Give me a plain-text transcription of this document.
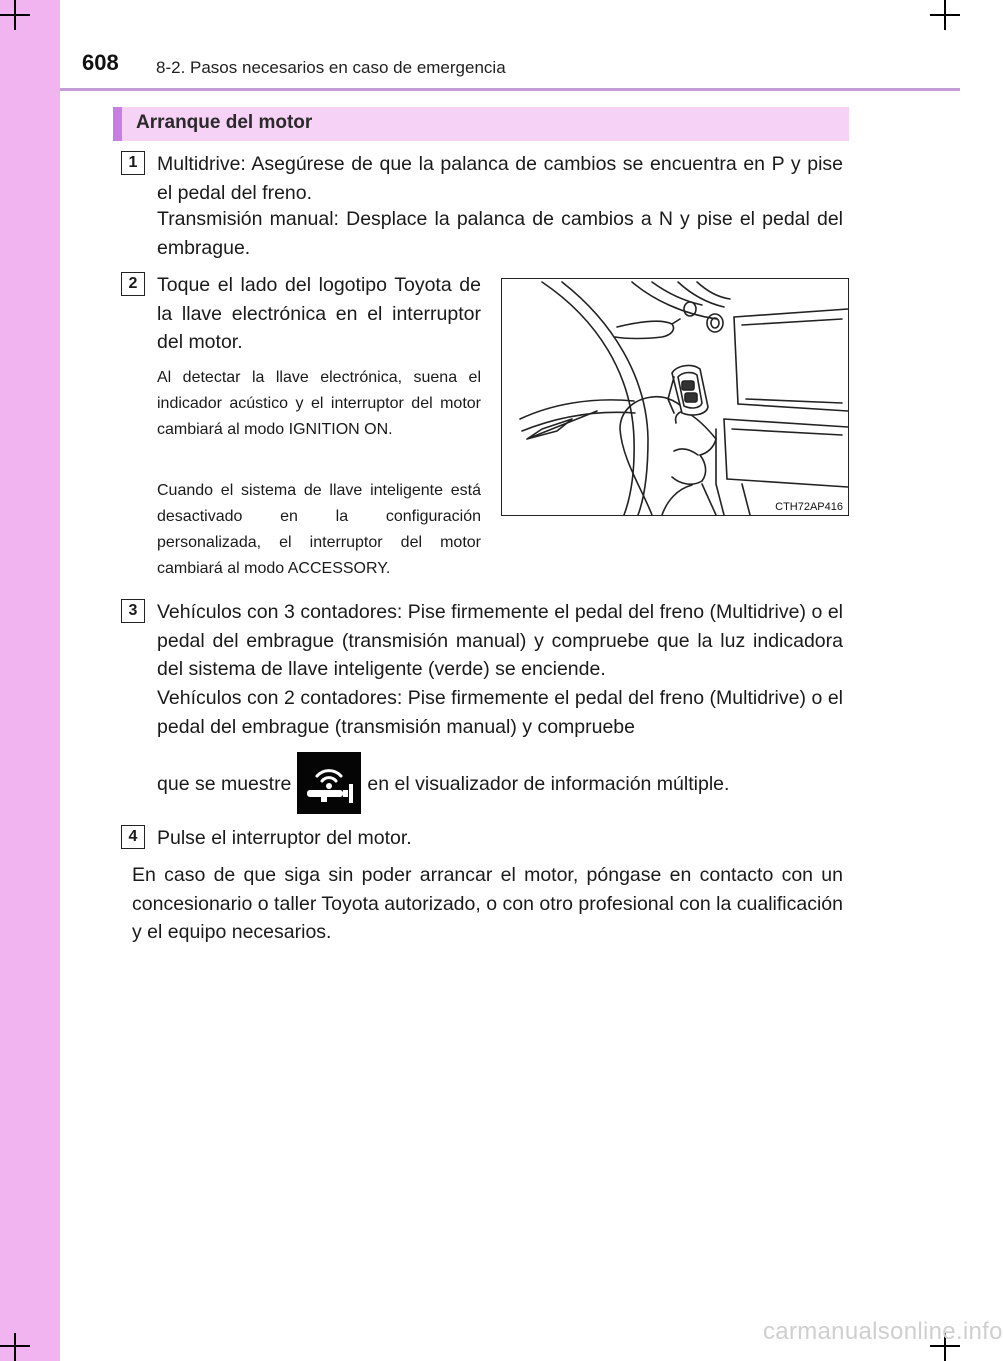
608 8-2. Pasos necesarios en caso de emergencia
Arranque del motor
1	Multidrive: Asegúrese de que la palanca de cambios se encuentra en P y pise el pedal del freno.

Transmisión manual: Desplace la palanca de cambios a N y pise el pedal del embrague.

2	Toque el lado del logotipo Toyota de la llave electrónica en el interruptor del motor.

Al detectar la llave electrónica, suena el indicador acústico y el interruptor del motor cambiará al modo IGNITION ON.

Cuando el sistema de llave inteligente está desactivado en la configuración personalizada, el interruptor del motor cambiará al modo ACCESSORY.

CTH72AP416
3	Vehículos con 3 contadores: Pise firmemente el pedal del freno (Multidrive) o el pedal del embrague (transmisión manual) y compruebe que la luz indicadora del sistema de llave inteligente (verde) se enciende.

Vehículos con 2 contadores: Pise firmemente el pedal del freno (Multidrive) o el pedal del embrague (transmisión manual) y compruebe

que se muestre	en el visualizador de información múltiple.
4	Pulse el interruptor del motor.

En caso de que siga sin poder arrancar el motor, póngase en contacto con un concesionario o taller Toyota autorizado, o con otro profesional con la cualificación y el equipo necesarios.

carmanualsonline.info
